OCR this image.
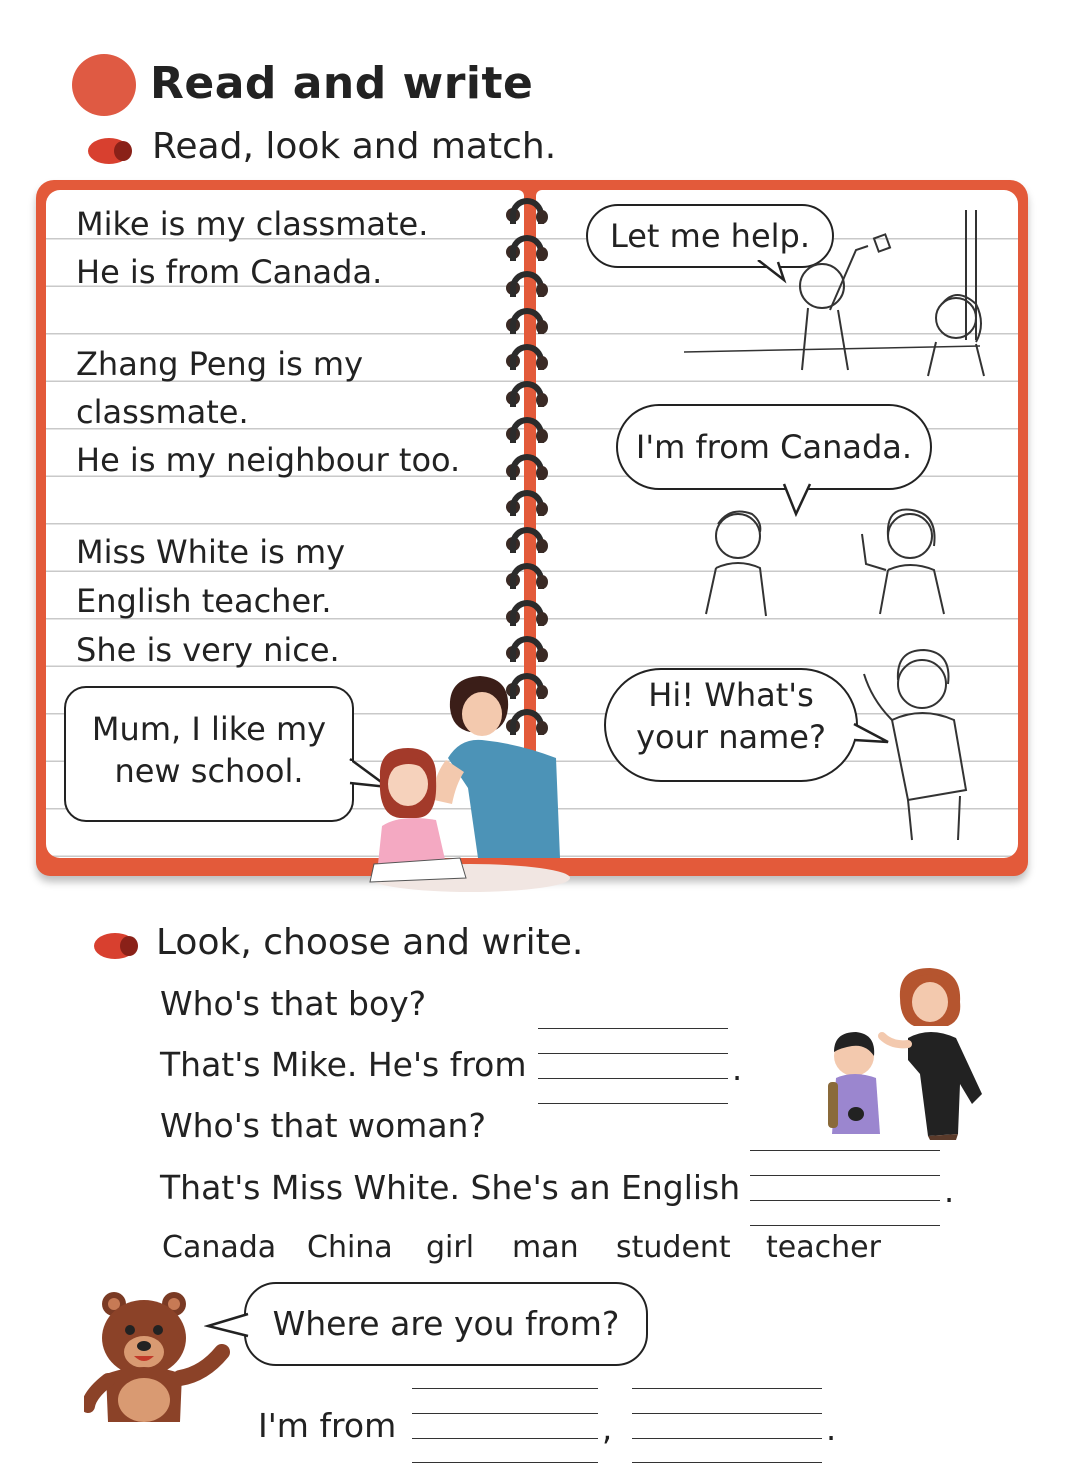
Read and write
Read, look and match.
Mike is my classmate.
He is from Canada.
Zhang Peng is my
classmate.
He is my neighbour too.
Miss White is my
English teacher.
She is very nice.
Mum, I like my
new school.
Let me help.
I'm from Canada.
Hi! What's
your name?
Look, choose and write.
Who's that boy?
That's Mike. He's from
Who's that woman?
That's Miss White. She's an English
.
.
Canada China girl man student teacher
Where are you from?
I'm from	,	.
